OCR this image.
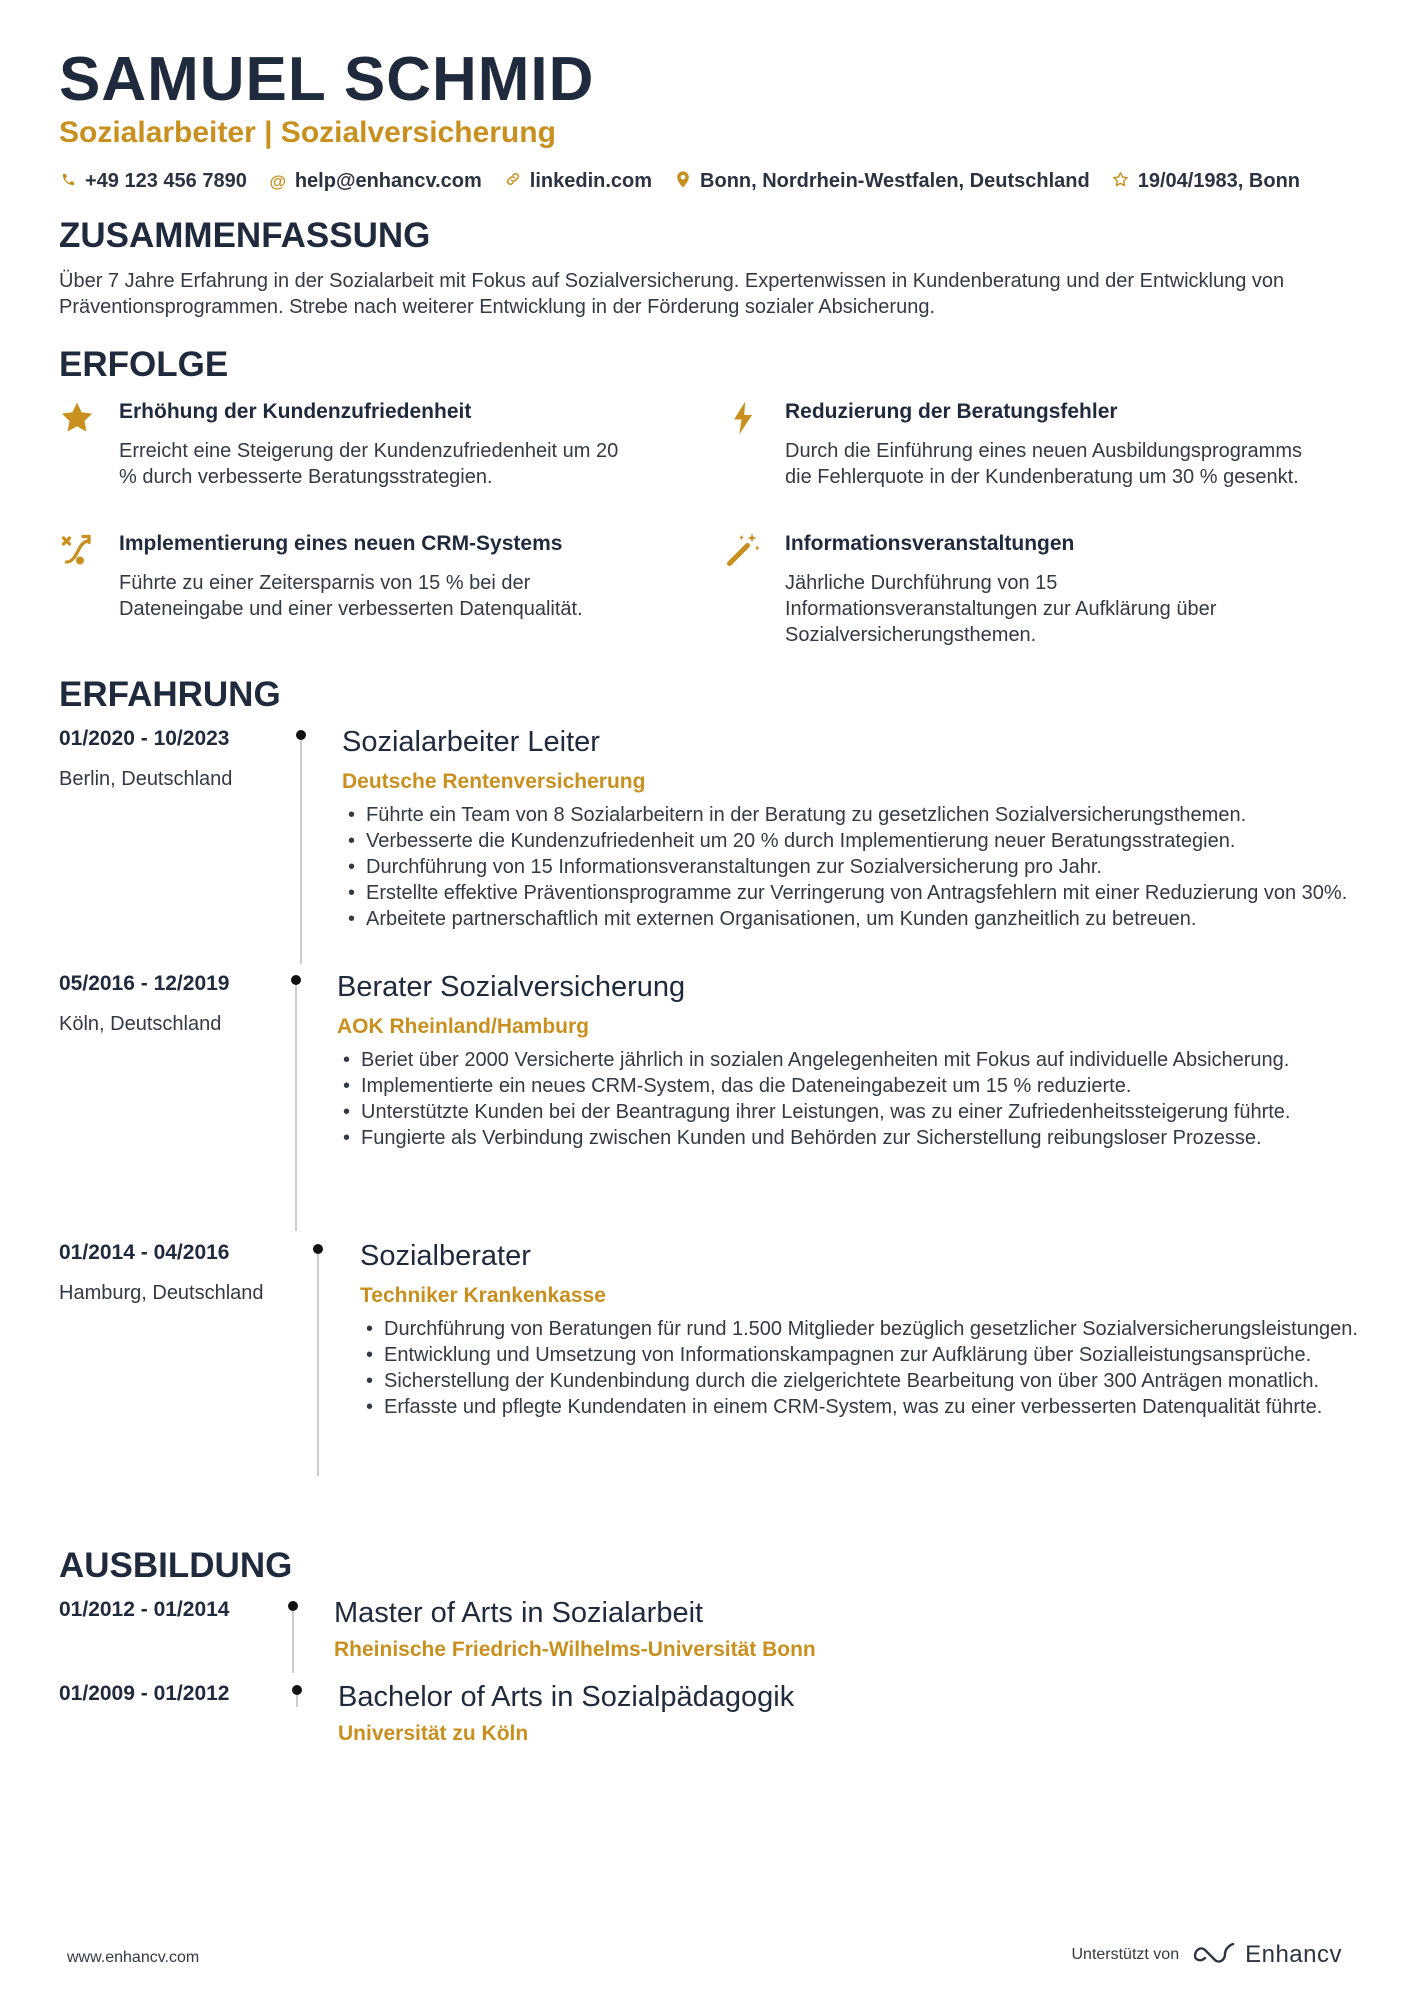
SAMUEL SCHMID
Sozialarbeiter | Sozialversicherung
+49 123 456 7890 @ help@enhancv.com linkedin.com Bonn, Nordrhein-Westfalen, Deutschland 19/04/1983, Bonn
ZUSAMMENFASSUNG
Über 7 Jahre Erfahrung in der Sozialarbeit mit Fokus auf Sozialversicherung. Expertenwissen in Kundenberatung und der Entwicklung von Präventionsprogrammen. Strebe nach weiterer Entwicklung in der Förderung sozialer Absicherung.
ERFOLGE
Erhöhung der Kundenzufriedenheit
Erreicht eine Steigerung der Kundenzufriedenheit um 20 % durch verbesserte Beratungsstrategien.
Reduzierung der Beratungsfehler
Durch die Einführung eines neuen Ausbildungsprogramms die Fehlerquote in der Kundenberatung um 30 % gesenkt.
Implementierung eines neuen CRM-Systems
Führte zu einer Zeitersparnis von 15 % bei der Dateneingabe und einer verbesserten Datenqualität.
Informationsveranstaltungen
Jährliche Durchführung von 15 Informationsveranstaltungen zur Aufklärung über Sozialversicherungsthemen.
ERFAHRUNG
01/2020 - 10/2023
Berlin, Deutschland
Sozialarbeiter Leiter
Deutsche Rentenversicherung
• Führte ein Team von 8 Sozialarbeitern in der Beratung zu gesetzlichen Sozialversicherungsthemen.
• Verbesserte die Kundenzufriedenheit um 20 % durch Implementierung neuer Beratungsstrategien.
• Durchführung von 15 Informationsveranstaltungen zur Sozialversicherung pro Jahr.
• Erstellte effektive Präventionsprogramme zur Verringerung von Antragsfehlern mit einer Reduzierung von 30%.
• Arbeitete partnerschaftlich mit externen Organisationen, um Kunden ganzheitlich zu betreuen.
05/2016 - 12/2019
Köln, Deutschland
Berater Sozialversicherung
AOK Rheinland/Hamburg
• Beriet über 2000 Versicherte jährlich in sozialen Angelegenheiten mit Fokus auf individuelle Absicherung.
• Implementierte ein neues CRM-System, das die Dateneingabezeit um 15 % reduzierte.
• Unterstützte Kunden bei der Beantragung ihrer Leistungen, was zu einer Zufriedenheitssteigerung führte.
• Fungierte als Verbindung zwischen Kunden und Behörden zur Sicherstellung reibungsloser Prozesse.
01/2014 - 04/2016
Hamburg, Deutschland
Sozialberater
Techniker Krankenkasse
• Durchführung von Beratungen für rund 1.500 Mitglieder bezüglich gesetzlicher Sozialversicherungsleistungen.
• Entwicklung und Umsetzung von Informationskampagnen zur Aufklärung über Sozialleistungsansprüche.
• Sicherstellung der Kundenbindung durch die zielgerichtete Bearbeitung von über 300 Anträgen monatlich.
• Erfasste und pflegte Kundendaten in einem CRM-System, was zu einer verbesserten Datenqualität führte.
AUSBILDUNG
01/2012 - 01/2014	Master of Arts in Sozialarbeit
Rheinische Friedrich-Wilhelms-Universität Bonn
01/2009 - 01/2012	Bachelor of Arts in Sozialpädagogik
Universität zu Köln
www.enhancv.com	Unterstützt von	Enhancv
